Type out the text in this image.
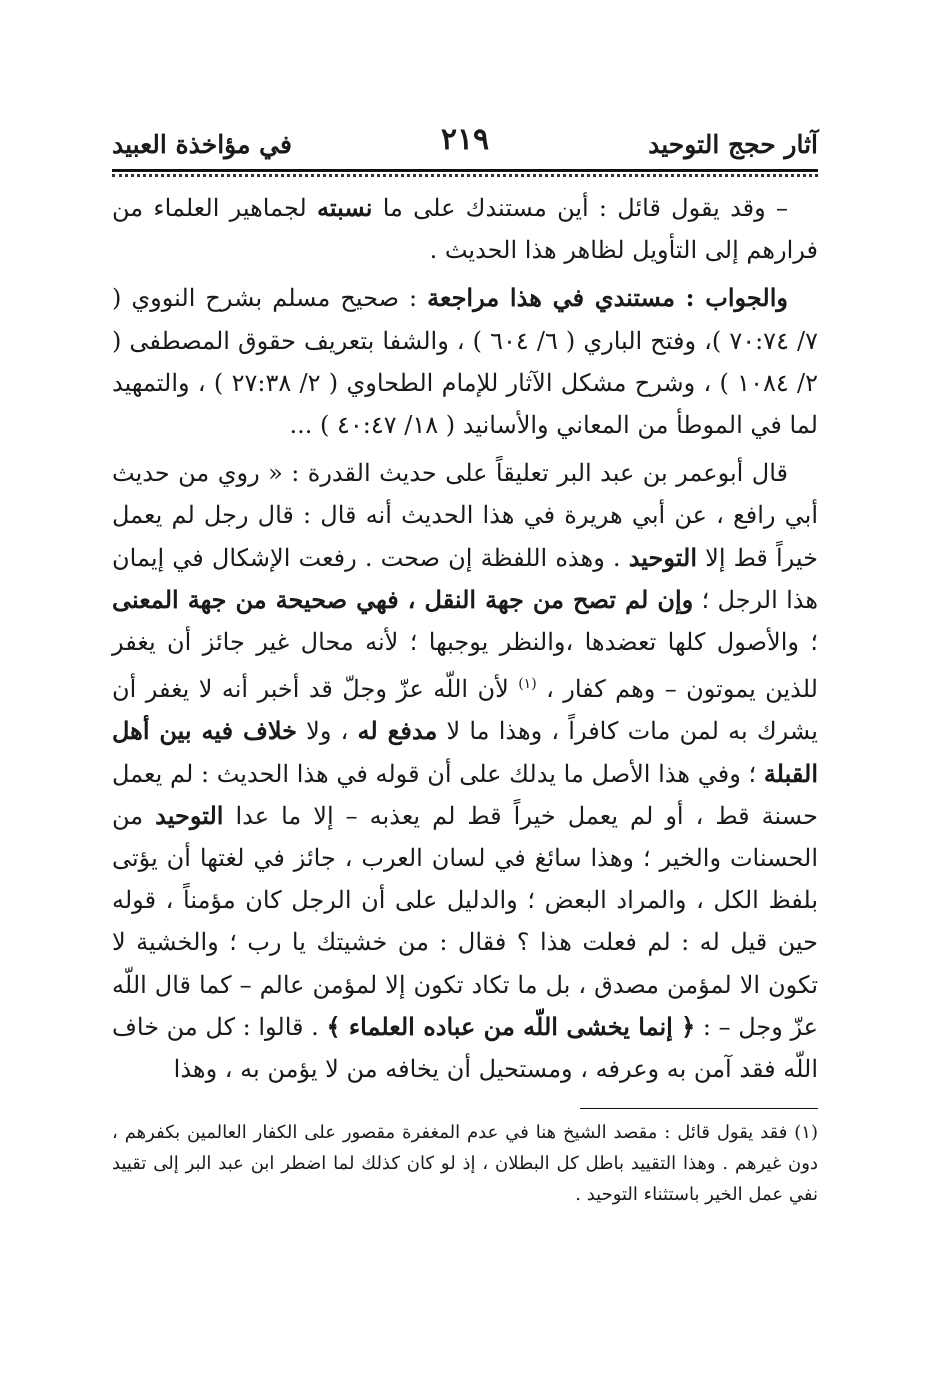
آثار حجج التوحيد
٢١٩
في مؤاخذة العبيد

– وقد يقول قائل : أين مستندك على ما نسبته لجماهير العلماء من فرارهم إلى التأويل لظاهر هذا الحديث .

والجواب : مستندي في هذا مراجعة : صحيح مسلم بشرح النووي ( ٧/ ٧٠:٧٤ )، وفتح الباري ( ٦/ ٦٠٤ ) ، والشفا بتعريف حقوق المصطفى ( ٢/ ١٠٨٤ ) ، وشرح مشكل الآثار للإمام الطحاوي ( ٢/ ٢٧:٣٨ ) ، والتمهيد لما في الموطأ من المعاني والأسانيد ( ١٨/ ٤٠:٤٧ ) ...

قال أبوعمر بن عبد البر تعليقاً على حديث القدرة : « روي من حديث أبي رافع ، عن أبي هريرة في هذا الحديث أنه قال : قال رجل لم يعمل خيراً قط إلا التوحيد . وهذه اللفظة إن صحت . رفعت الإشكال في إيمان هذا الرجل ؛ وإن لم تصح من جهة النقل ، فهي صحيحة من جهة المعنى ؛ والأصول كلها تعضدها ،والنظر يوجبها ؛ لأنه محال غير جائز أن يغفر للذين يموتون – وهم كفار ، $^{(١)}$ لأن اللّه عزّ وجلّ قد أخبر أنه لا يغفر أن يشرك به لمن مات كافراً ، وهذا ما لا مدفع له ، ولا خلاف فيه بين أهل القبلة ؛ وفي هذا الأصل ما يدلك على أن قوله في هذا الحديث : لم يعمل حسنة قط ، أو لم يعمل خيراً قط لم يعذبه – إلا ما عدا التوحيد من الحسنات والخير ؛ وهذا سائغ في لسان العرب ، جائز في لغتها أن يؤتى بلفظ الكل ، والمراد البعض ؛ والدليل على أن الرجل كان مؤمناً ، قوله حين قيل له : لم فعلت هذا ؟ فقال : من خشيتك يا رب ؛ والخشية لا تكون الا لمؤمن مصدق ، بل ما تكاد تكون إلا لمؤمن عالم – كما قال اللّه عزّ وجل – : ﴿ إنما يخشى اللّه من عباده العلماء ﴾ . قالوا : كل من خاف اللّه فقد آمن به وعرفه ، ومستحيل أن يخافه من لا يؤمن به ، وهذا

(١) فقد يقول قائل : مقصد الشيخ هنا في عدم المغفرة مقصور على الكفار العالمين بكفرهم ، دون غيرهم . وهذا التقييد باطل كل البطلان ، إذ لو كان كذلك لما اضطر ابن عبد البر إلى تقييد نفي عمل الخير باستثناء التوحيد .
